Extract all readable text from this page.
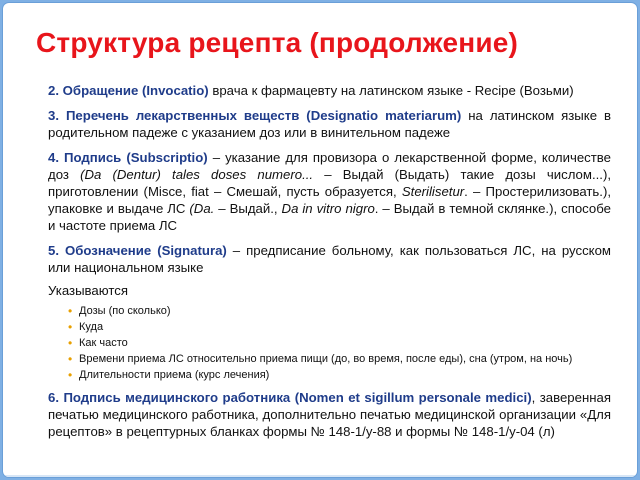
Структура рецепта (продолжение)

2. Обращение (Invocatio) врача к фармацевту на латинском языке - Recipe (Возьми)

3. Перечень лекарственных веществ (Designatio materiarum) на латинском языке в родительном падеже с указанием доз или в винительном падеже

4. Подпись (Subscriptio) – указание для провизора о лекарственной форме, количестве доз (Da (Dentur) tales doses numero... – Выдай (Выдать) такие дозы числом...), приготовлении (Misce, fiat – Смешай, пусть образуется, Sterilisetur. – Простерилизовать.), упаковке и выдаче ЛС (Da. – Выдай., Da in vitro nigro. – Выдай в темной склянке.), способе и частоте приема ЛС

5. Обозначение (Signatura) – предписание больному, как пользоваться ЛС, на русском или национальном языке

Указываются

• Дозы (по сколько)
• Куда
• Как часто
• Времени приема ЛС относительно приема пищи (до, во время, после еды), сна (утром, на ночь)
• Длительности приема (курс лечения)

6. Подпись медицинского работника (Nomen et sigillum personale medici), заверенная печатью медицинского работника, дополнительно печатью медицинской организации «Для рецептов» в рецептурных бланках формы № 148-1/у-88 и формы № 148-1/у-04 (л)
